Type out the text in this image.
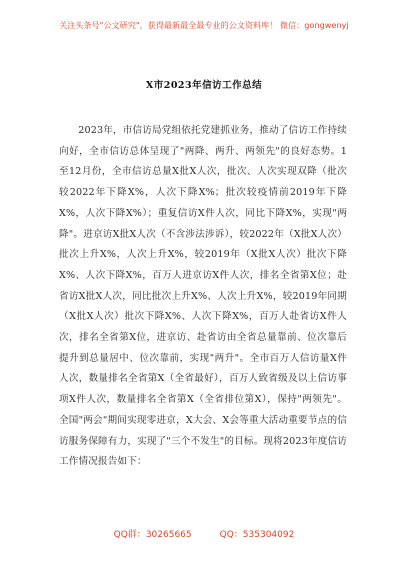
关注头条号"公文研究"，获得最新最全最专业的公文资料库！ 微信：gongwenyj
X市2023年信访工作总结

2023年，市信访局党组依托党建抓业务，推动了信访工作持续向好，全市信访总体呈现了"两降、两升、两领先"的良好态势。1至12月份，全市信访总量X批X人次，批次、人次实现双降（批次较2022年下降X%，人次下降X%；批次较疫情前2019年下降X%，人次下降X%）；重复信访X件人次，同比下降X%，实现"两降"。进京访X批X人次（不含涉法涉诉），较2022年（X批X人次）批次上升X%，人次上升X%，较2019年（X批X人次）批次下降X%、人次下降X%，百万人进京访X件人次，排名全省第X位；赴省访X批X人次，同比批次上升X%、人次上升X%，较2019年同期（X批X人次）批次下降X%、人次下降X%，百万人赴省访X件人次，排名全省第X位，进京访、赴省访由全省总量靠前、位次靠后提升到总量居中、位次靠前，实现"两升"。全市百万人信访量X件人次，数量排名全省第X（全省最好），百万人致省级及以上信访事项X件人次，数量排名全省第X（全省排位第X），保持"两领先"。全国"两会"期间实现零进京，X大会、X会等重大活动重要节点的信访服务保障有力，实现了"三个不发生"的目标。现将2023年度信访工作情况报告如下：

QQ群：30265665	QQ：535304092
